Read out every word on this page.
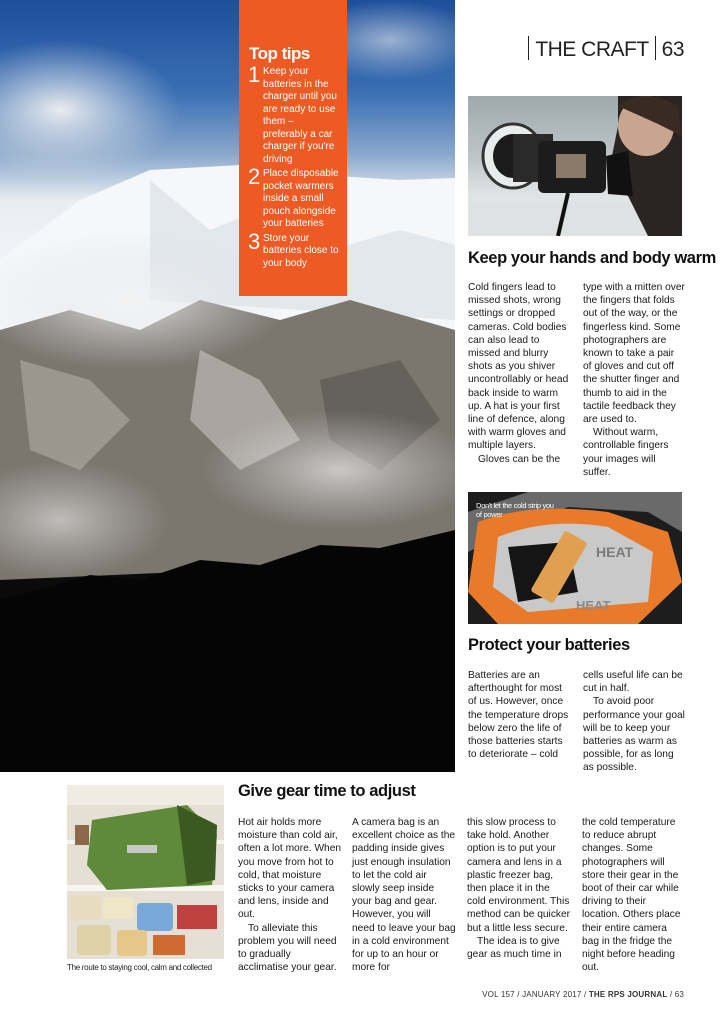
Top tips
1 Keep your batteries in the charger until you are ready to use them – preferably a car charger if you're driving
2 Place disposable pocket warmers inside a small pouch alongside your batteries
3 Store your batteries close to your body
THE CRAFT 63
Keep your hands and body warm

Cold fingers lead to missed shots, wrong settings or dropped cameras. Cold bodies can also lead to missed and blurry shots as you shiver uncontrollably or head back inside to warm up. A hat is your first line of defence, along with warm gloves and multiple layers.

Gloves can be the

type with a mitten over the fingers that folds out of the way, or the fingerless kind. Some photographers are known to take a pair of gloves and cut off the shutter finger and thumb to aid in the tactile feedback they are used to.

Without warm, controllable fingers your images will suffer.

HEAT
HEAT
Don't let the cold strip you of power
Protect your batteries

Batteries are an afterthought for most of us. However, once the temperature drops below zero the life of those batteries starts to deteriorate – cold

cells useful life can be cut in half.

To avoid poor performance your goal will be to keep your batteries as warm as possible, for as long as possible.

The route to staying cool, calm and collected
Give gear time to adjust

Hot air holds more moisture than cold air, often a lot more. When you move from hot to cold, that moisture sticks to your camera and lens, inside and out.

To alleviate this problem you will need to gradually acclimatise your gear.

A camera bag is an excellent choice as the padding inside gives just enough insulation to let the cold air slowly seep inside your bag and gear. However, you will need to leave your bag in a cold environment for up to an hour or more for

this slow process to take hold. Another option is to put your camera and lens in a plastic freezer bag, then place it in the cold environment. This method can be quicker but a little less secure.

The idea is to give gear as much time in

the cold temperature to reduce abrupt changes. Some photographers will store their gear in the boot of their car while driving to their location. Others place their entire camera bag in the fridge the night before heading out.

VOL 157 / JANUARY 2017 / THE RPS JOURNAL / 63
